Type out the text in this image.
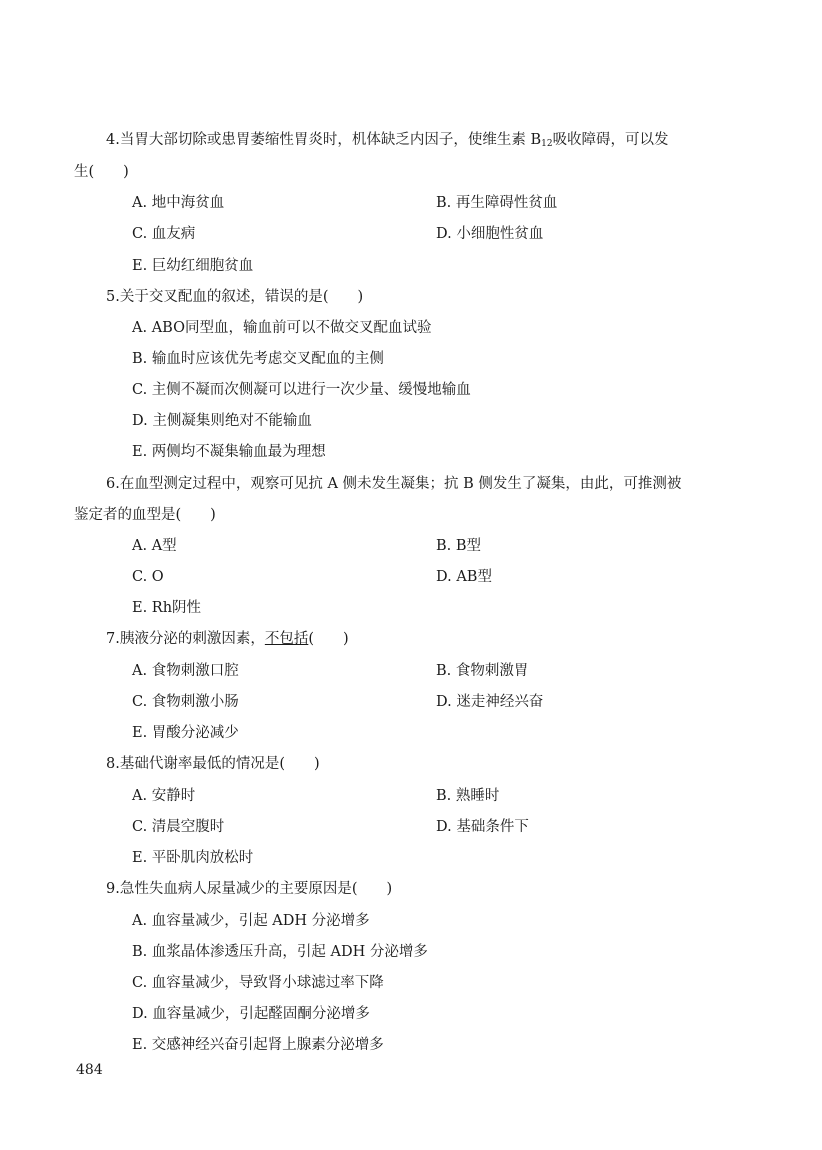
4.当胃大部切除或患胃萎缩性胃炎时，机体缺乏内因子，使维生素 $B_{12}$吸收障碍，可以发
生(　　)
A. 地中海贫血	B. 再生障碍性贫血
C. 血友病	D. 小细胞性贫血
E. 巨幼红细胞贫血
5.关于交叉配血的叙述，错误的是(　　)
A. ABO同型血，输血前可以不做交叉配血试验
B. 输血时应该优先考虑交叉配血的主侧
C. 主侧不凝而次侧凝可以进行一次少量、缓慢地输血
D. 主侧凝集则绝对不能输血
E. 两侧均不凝集输血最为理想
6.在血型测定过程中，观察可见抗 A 侧未发生凝集；抗 B 侧发生了凝集，由此，可推测被
鉴定者的血型是(　　)
A. A型	B. B型
C. O	D. AB型
E. Rh阴性
7.胰液分泌的刺激因素，不包括(　　)
A. 食物刺激口腔	B. 食物刺激胃
C. 食物刺激小肠	D. 迷走神经兴奋
E. 胃酸分泌减少
8.基础代谢率最低的情况是(　　)
A. 安静时	B. 熟睡时
C. 清晨空腹时	D. 基础条件下
E. 平卧肌肉放松时
9.急性失血病人尿量减少的主要原因是(　　)
A. 血容量减少，引起 ADH 分泌增多
B. 血浆晶体渗透压升高，引起 ADH 分泌增多
C. 血容量减少，导致肾小球滤过率下降
D. 血容量减少，引起醛固酮分泌增多
E. 交感神经兴奋引起肾上腺素分泌增多
484
